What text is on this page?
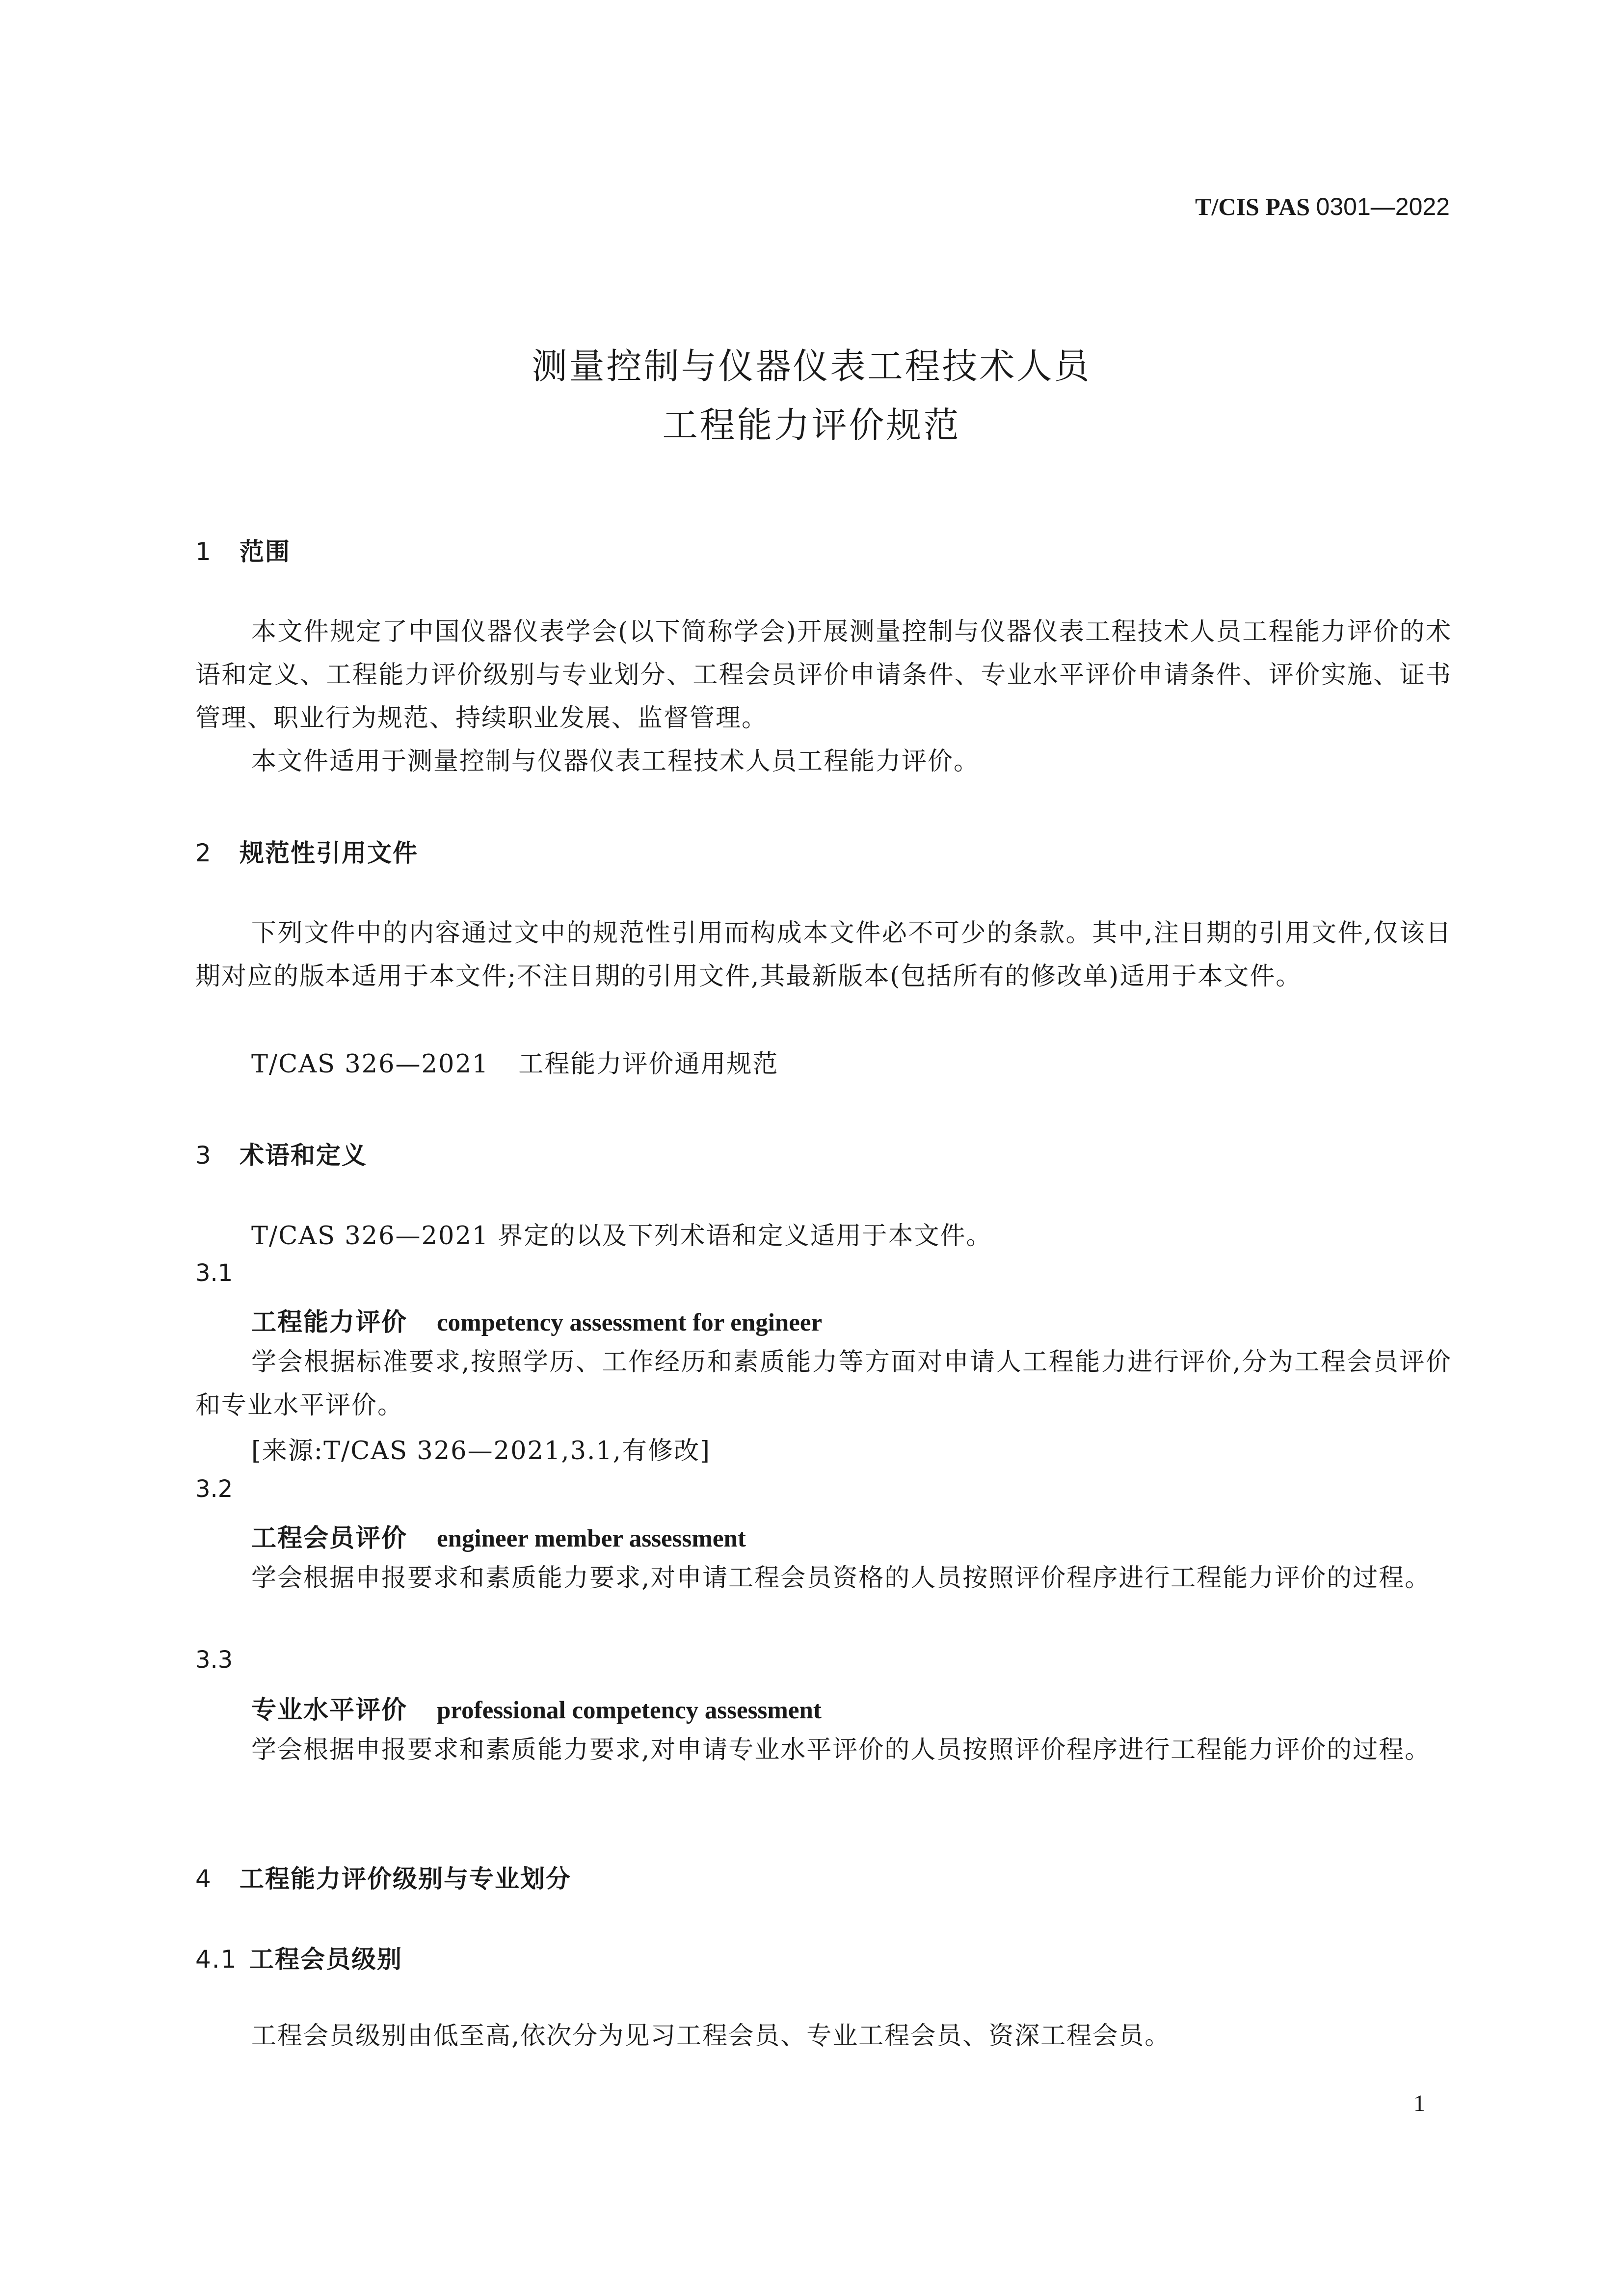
T/CIS PAS 0301—2022
测量控制与仪器仪表工程技术人员
工程能力评价规范
1 范围
本文件规定了中国仪器仪表学会(以下简称学会)开展测量控制与仪器仪表工程技术人员工程能力评价的术语和定义、工程能力评价级别与专业划分、工程会员评价申请条件、专业水平评价申请条件、评价实施、证书管理、职业行为规范、持续职业发展、监督管理。
本文件适用于测量控制与仪器仪表工程技术人员工程能力评价。
2 规范性引用文件
下列文件中的内容通过文中的规范性引用而构成本文件必不可少的条款。其中,注日期的引用文件,仅该日期对应的版本适用于本文件;不注日期的引用文件,其最新版本(包括所有的修改单)适用于本文件。
T/CAS 326—2021 工程能力评价通用规范
3 术语和定义
T/CAS 326—2021 界定的以及下列术语和定义适用于本文件。
3.1
工程能力评价 competency assessment for engineer
学会根据标准要求,按照学历、工作经历和素质能力等方面对申请人工程能力进行评价,分为工程会员评价和专业水平评价。
[来源:T/CAS 326—2021,3.1,有修改]
3.2
工程会员评价 engineer member assessment
学会根据申报要求和素质能力要求,对申请工程会员资格的人员按照评价程序进行工程能力评价的过程。
3.3
专业水平评价 professional competency assessment
学会根据申报要求和素质能力要求,对申请专业水平评价的人员按照评价程序进行工程能力评价的过程。
4 工程能力评价级别与专业划分
4.1 工程会员级别
工程会员级别由低至高,依次分为见习工程会员、专业工程会员、资深工程会员。
1
